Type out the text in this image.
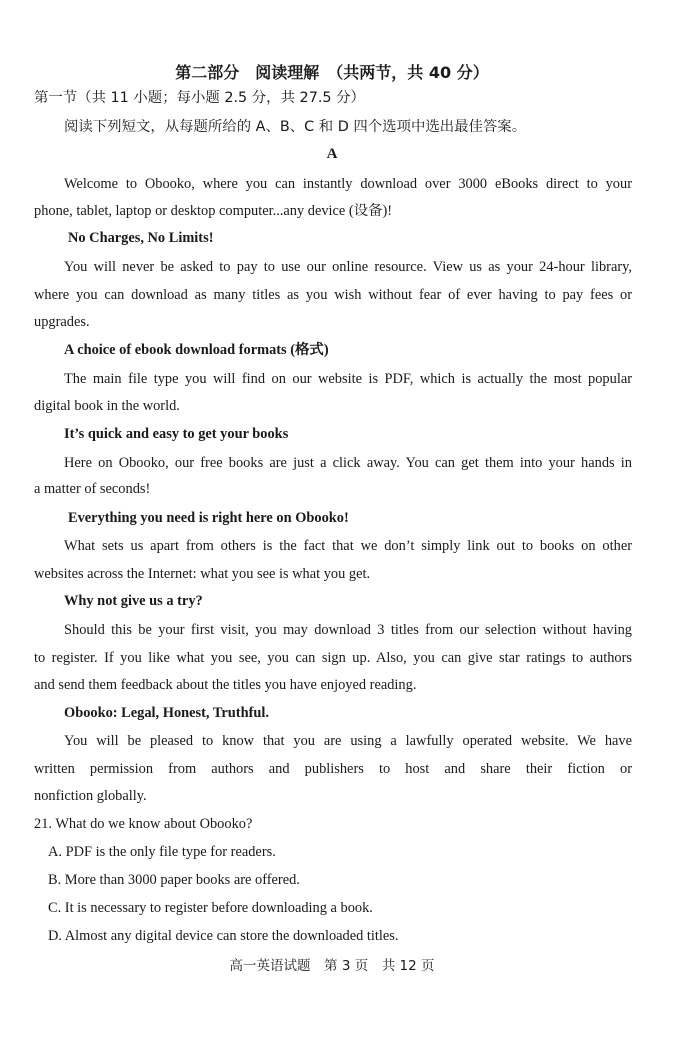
第二部分　阅读理解　（共两节，共 40 分）
第一节（共 11 小题；每小题 2.5 分，共 27.5 分）
阅读下列短文，从每题所给的 A、B、C 和 D 四个选项中选出最佳答案。
A
Welcome to Obooko, where you can instantly download over 3000 eBooks direct to your
phone, tablet, laptop or desktop computer...any device (设备)!
No Charges, No Limits!
You will never be asked to pay to use our online resource. View us as your 24-hour library,
where you can download as many titles as you wish without fear of ever having to pay fees or
upgrades.
A choice of ebook download formats (格式)
The main file type you will find on our website is PDF, which is actually the most popular
digital book in the world.
It’s quick and easy to get your books
Here on Obooko, our free books are just a click away. You can get them into your hands in
a matter of seconds!
Everything you need is right here on Obooko!
What sets us apart from others is the fact that we don’t simply link out to books on other
websites across the Internet: what you see is what you get.
Why not give us a try?
Should this be your first visit, you may download 3 titles from our selection without having
to register. If you like what you see, you can sign up. Also, you can give star ratings to authors
and send them feedback about the titles you have enjoyed reading.
Obooko: Legal, Honest, Truthful.
You will be pleased to know that you are using a lawfully operated website. We have
written permission from authors and publishers to host and share their fiction or
nonfiction globally.
21. What do we know about Obooko?
A. PDF is the only file type for readers.
B. More than 3000 paper books are offered.
C. It is necessary to register before downloading a book.
D. Almost any digital device can store the downloaded titles.
高一英语试题　第 3 页　共 12 页
